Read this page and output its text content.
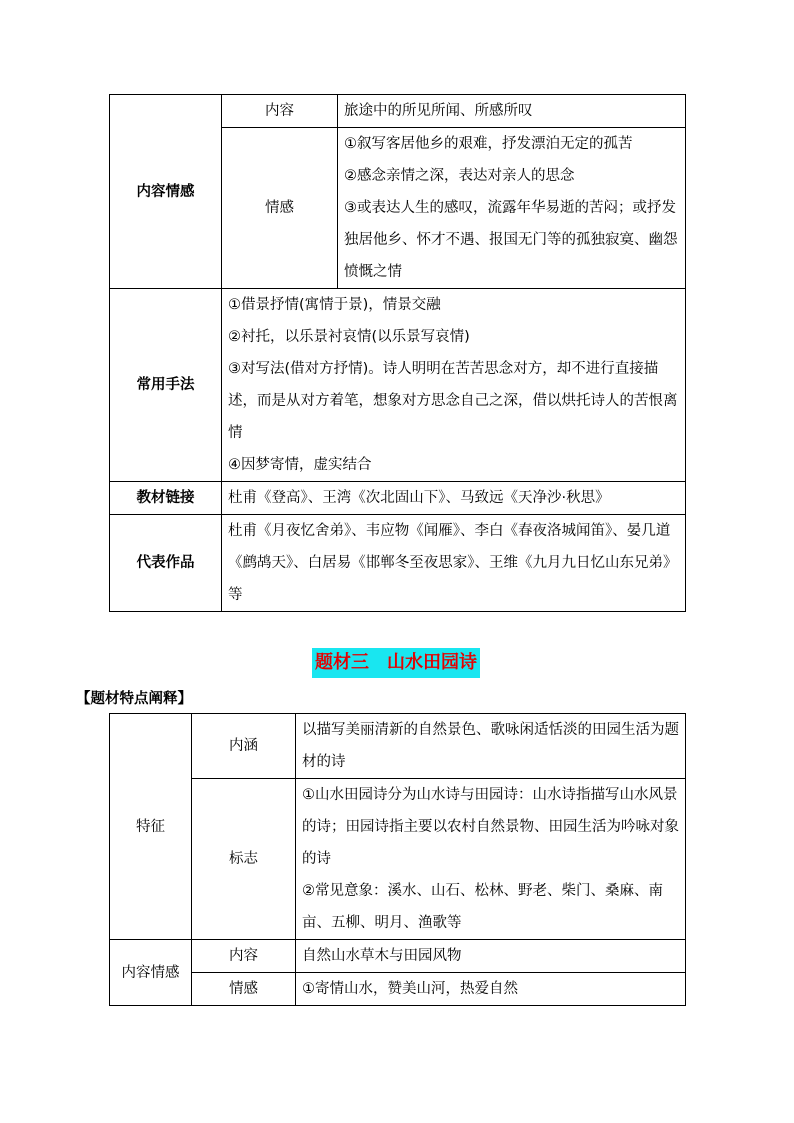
内容情感	内容	旅途中的所见所闻、所感所叹
	情感	①叙写客居他乡的艰难，抒发漂泊无定的孤苦

②感念亲情之深，表达对亲人的思念

③或表达人生的感叹，流露年华易逝的苦闷；或抒发独居他乡、怀才不遇、报国无门等的孤独寂寞、幽怨愤慨之情

常用手法	①借景抒情(寓情于景)，情景交融

②衬托，以乐景衬哀情(以乐景写哀情)

③对写法(借对方抒情)。诗人明明在苦苦思念对方，却不进行直接描述，而是从对方着笔，想象对方思念自己之深，借以烘托诗人的苦恨离情

④因梦寄情，虚实结合	

教材链接	杜甫《登高》、王湾《次北固山下》、马致远《天净沙·秋思》	
代表作品	杜甫《月夜忆舍弟》、韦应物《闻雁》、李白《春夜洛城闻笛》、晏几道《鹧鸪天》、白居易《邯郸冬至夜思家》、王维《九月九日忆山东兄弟》等	
题材三　山水田园诗
【题材特点阐释】
特征	内涵	以描写美丽清新的自然景色、歌咏闲适恬淡的田园生活为题材的诗
	标志	①山水田园诗分为山水诗与田园诗：山水诗指描写山水风景的诗；田园诗指主要以农村自然景物、田园生活为吟咏对象的诗

②常见意象：溪水、山石、松林、野老、柴门、桑麻、南亩、五柳、明月、渔歌等

内容情感	内容	自然山水草木与田园风物
	情感	①寄情山水，赞美山河，热爱自然
